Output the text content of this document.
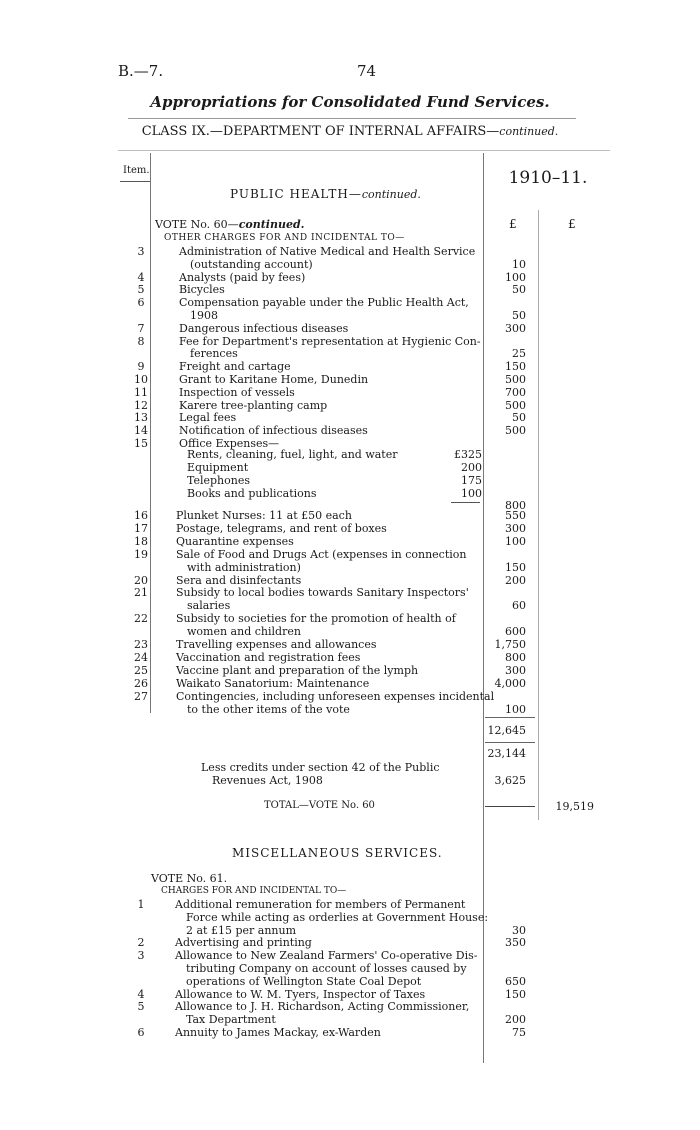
B.—7.	74
Appropriations for Consolidated Fund Services.
CLASS IX.—DEPARTMENT OF INTERNAL AFFAIRS—continued.
Item.	1910–11.
PUBLIC HEALTH—continued.
£	£
VOTE No. 60—continued.
OTHER CHARGES FOR AND INCIDENTAL TO—
3	Administration of Native Medical and Health Service
(outstanding account)	10
4	Analysts (paid by fees)	100
5	Bicycles	50
6	Compensation payable under the Public Health Act,
1908	50
7	Dangerous infectious diseases	300
8	Fee for Department's representation at Hygienic Con-
ferences	25
9	Freight and cartage	150
10	Grant to Karitane Home, Dunedin	500
11	Inspection of vessels	700
12	Karere tree-planting camp	500
13	Legal fees	50
14	Notification of infectious diseases	500
15	Office Expenses—
Rents, cleaning, fuel, light, and water	£325
Equipment	200
Telephones	175
Books and publications	100
800
16	Plunket Nurses: 11 at £50 each	550
17	Postage, telegrams, and rent of boxes	300
18	Quarantine expenses	100
19	Sale of Food and Drugs Act (expenses in connection
with administration)	150
20	Sera and disinfectants	200
21	Subsidy to local bodies towards Sanitary Inspectors'
salaries	60
22	Subsidy to societies for the promotion of health of
women and children	600
23	Travelling expenses and allowances	1,750
24	Vaccination and registration fees	800
25	Vaccine plant and preparation of the lymph	300
26	Waikato Sanatorium: Maintenance	4,000
27	Contingencies, including unforeseen expenses incidental
to the other items of the vote	100
12,645
23,144
Less credits under section 42 of the Public
Revenues Act, 1908	3,625
TOTAL—VOTE No. 60	19,519
MISCELLANEOUS SERVICES.
VOTE No. 61.
CHARGES FOR AND INCIDENTAL TO—
1	Additional remuneration for members of Permanent
Force while acting as orderlies at Government House:
2 at £15 per annum	30
2	Advertising and printing	350
3	Allowance to New Zealand Farmers' Co-operative Dis-
tributing Company on account of losses caused by
operations of Wellington State Coal Depot	650
4	Allowance to W. M. Tyers, Inspector of Taxes	150
5	Allowance to J. H. Richardson, Acting Commissioner,
Tax Department	200
6	Annuity to James Mackay, ex-Warden	75
